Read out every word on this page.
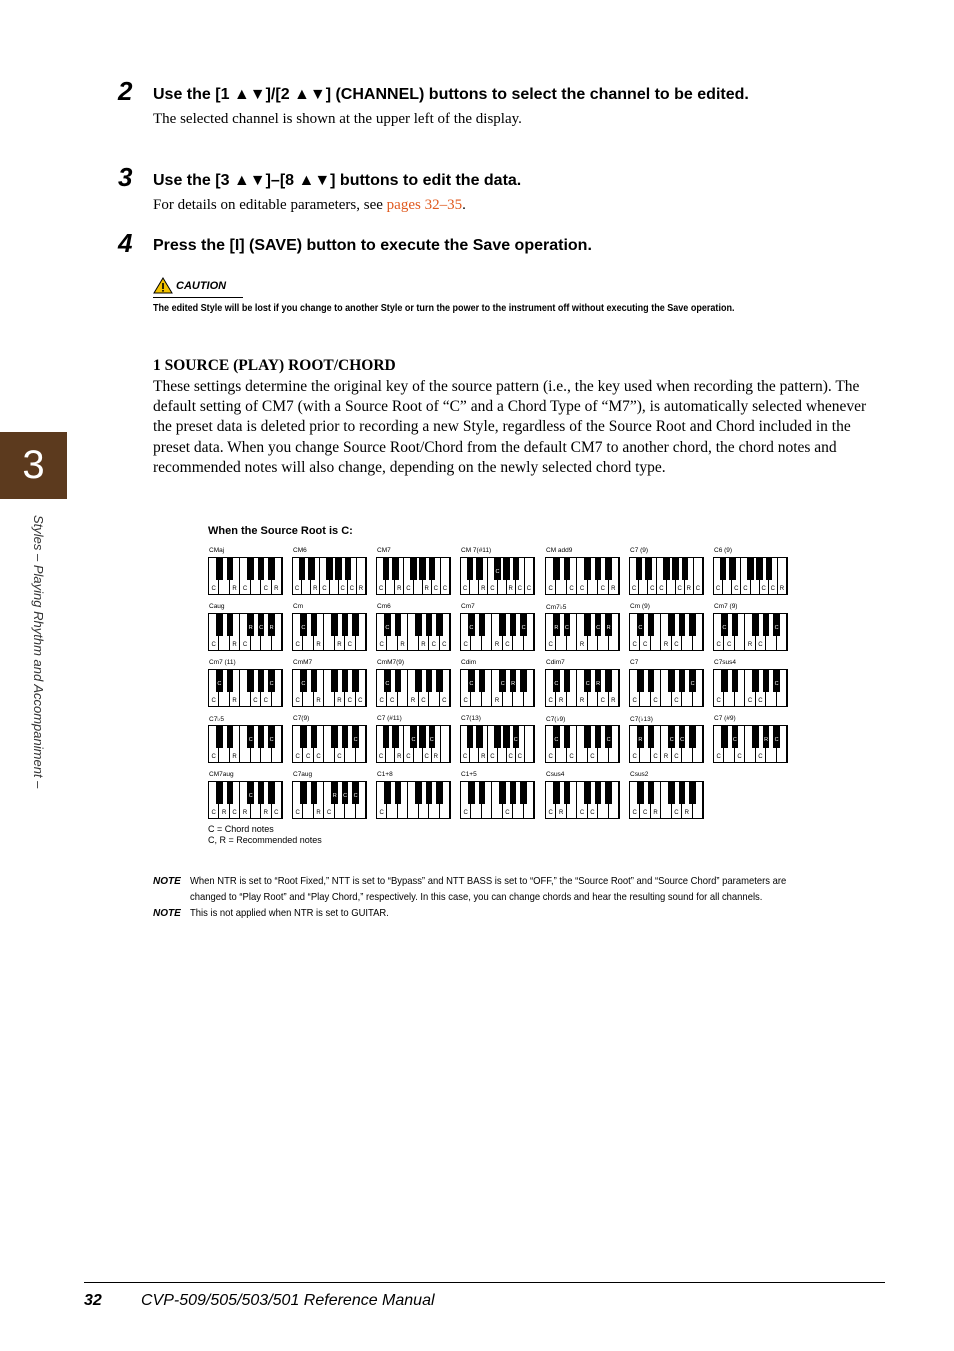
2 Use the [1 ▲▼]/[2 ▲▼] (CHANNEL) buttons to select the channel to be edited.
The selected channel is shown at the upper left of the display.
3 Use the [3 ▲▼]–[8 ▲▼] buttons to edit the data.
For details on editable parameters, see pages 32–35.
4 Press the [I] (SAVE) button to execute the Save operation.
3
Styles – Playing Rhythm and Accompaniment –
CAUTION
The edited Style will be lost if you change to another Style or turn the power to the instrument off without executing the Save operation.
1 SOURCE (PLAY) ROOT/CHORD
These settings determine the original key of the source pattern (i.e., the key used when recording the pattern). The default setting of CM7 (with a Source Root of “C” and a Chord Type of “M7”), is automatically selected whenever the preset data is deleted prior to recording a new Style, regardless of the Source Root and Chord included in the preset data. When you change Source Root/Chord from the default CM7 to another chord, the chord notes and recommended notes will also change, depending on the newly selected chord type.
When the Source Root is C:
CMaj
C	R	C	C	R
CM6
C	R C	C C R
CM7
C	R C	R C C
CM 7(#11)
C	R C	R C C
C
CM add9
C	C	C	C	R
C7 (9)
C	C C	C R C
C6 (9)
C	C C	C C R
Caug
C	R	C
R C R
Cm
C	R	R	C
C
Cm6
C	R	R	C	C
C
Cm7
C	R	C
C	C
Cm7♭5
C	R
R C	C R
Cm (9)
C	C	R	C
C
Cm7 (9)
C	C	R	C
C	C
Cm7 (11)
C	R	C	C
C	C
CmM7
C	R	R	C	C
C
CmM7(9)
C	C	R	C	C
C
Cdim
C	R
C	C R
Cdim7
C	R	R	C	R
C	C R
C7
C	C	C
C
C7sus4
C	C	C
C
C7♭5
C	R
C	C
C7(9)
C	C	C	C
C
C7 (#11)
C	R C	C R
C	C
C7(13)
C	R C	C C
C
C7(♭9)
C	C	C
C	C
C7(♭13)
C	C	R	C
R	C C
C7 (#9)
C	C	C
C	R C
CM7aug
C	R	C	R	R	C
C
C7aug
C	R	C
R C C
C1+8
C
C1+5
C	C
Csus4
C	R	C	C
Csus2
C	C	R	C	R
C = Chord notes
C, R = Recommended notes
NOTE When NTR is set to “Root Fixed,” NTT is set to “Bypass” and NTT BASS is set to “OFF,” the “Source Root” and “Source Chord” parameters are changed to “Play Root” and “Play Chord,” respectively. In this case, you can change chords and hear the resulting sound for all channels.
NOTE This is not applied when NTR is set to GUITAR.
32 CVP-509/505/503/501 Reference Manual
